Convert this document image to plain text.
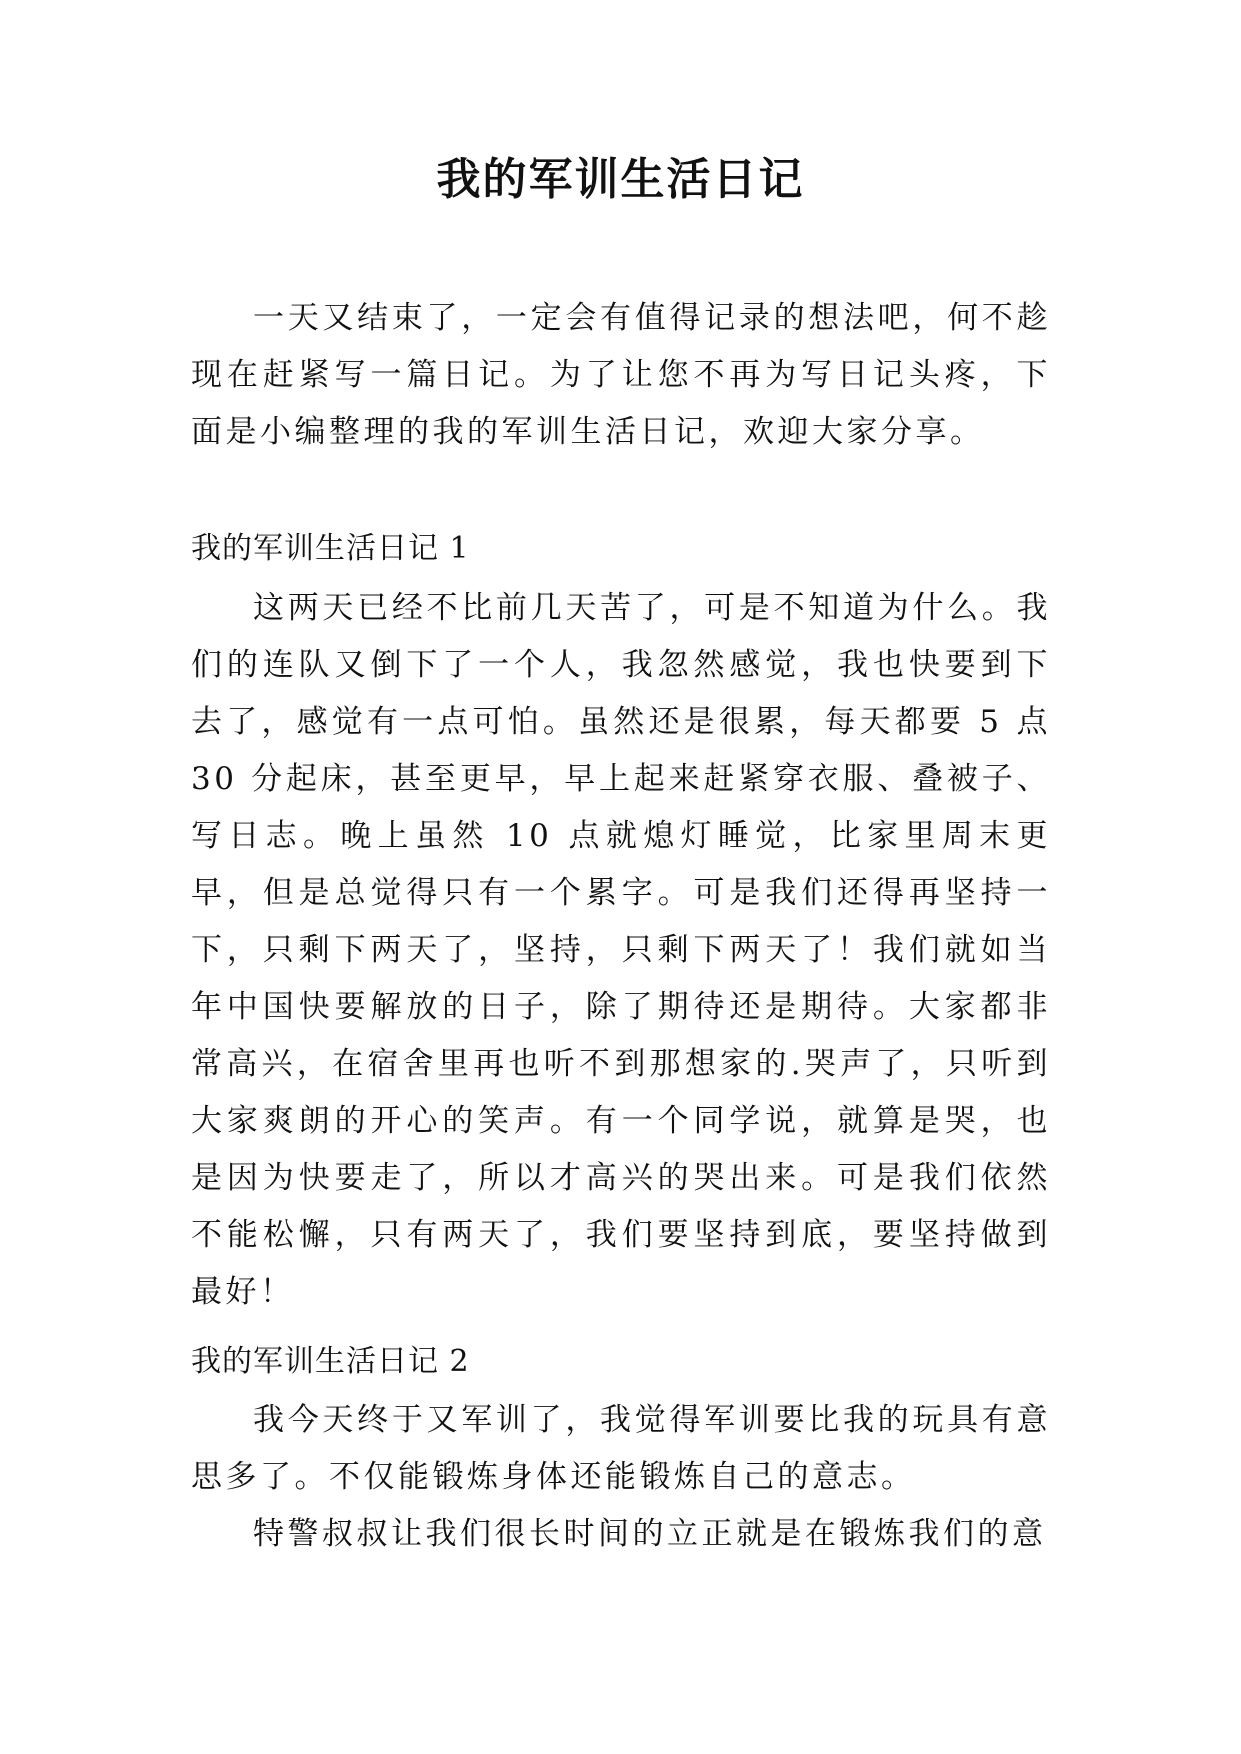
我的军训生活日记

一天又结束了，一定会有值得记录的想法吧，何不趁现在赶紧写一篇日记。为了让您不再为写日记头疼，下面是小编整理的我的军训生活日记，欢迎大家分享。

我的军训生活日记 1

这两天已经不比前几天苦了，可是不知道为什么。我们的连队又倒下了一个人，我忽然感觉，我也快要到下去了，感觉有一点可怕。虽然还是很累，每天都要 5 点 30 分起床，甚至更早，早上起来赶紧穿衣服、叠被子、写日志。晚上虽然 10 点就熄灯睡觉，比家里周末更早，但是总觉得只有一个累字。可是我们还得再坚持一下，只剩下两天了，坚持，只剩下两天了！我们就如当年中国快要解放的日子，除了期待还是期待。大家都非常高兴，在宿舍里再也听不到那想家的.哭声了，只听到大家爽朗的开心的笑声。有一个同学说，就算是哭，也是因为快要走了，所以才高兴的哭出来。可是我们依然不能松懈，只有两天了，我们要坚持到底，要坚持做到最好！

我的军训生活日记 2

我今天终于又军训了，我觉得军训要比我的玩具有意思多了。不仅能锻炼身体还能锻炼自己的意志。

特警叔叔让我们很长时间的立正就是在锻炼我们的意
